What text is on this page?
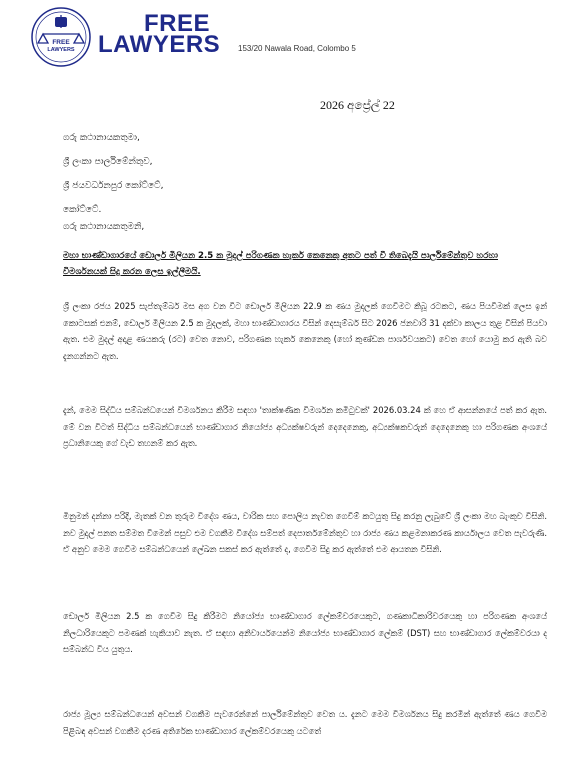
FREE
LAWYERS
FREE
LAWYERS 153/20 Nawala Road, Colombo 5
2026 අප්‍රේල් 22
ගරු කථානායකතුමා,
ශ්‍රී ලංකා පාර්ලිමේන්තුව,
ශ්‍රී ජයවර්ධනපුර කෝට්ටේ,
කෝට්ටේ.
ගරු කථානායකතුමනි,
මහා භාණ්ඩාගාරයේ ඩොලර් මිලියන 2.5 ක මුදල් පරිගණක හැකර් කෙනෙකු අතට පත් වී තිබෙදැයි පාර්ලිමේන්තුව හරහා විමර්ශනයක් සිදු කරන ලෙස ඉල්ලීමයි.
ශ්‍රී ලංකා රජය 2025 සැප්තැම්බර් මස අග වන විට ඩොලර් මිලියන 22.9 ක ණය මුදලක් ගෙවීමට කිබූ රටකට, ණය පියවීමක් ලෙස ඉන් කොටසක් එනම්, ඩොලර් මිලියන 2.5 ක මුදලක්, මහා භාණ්ඩාගාරය විසින් දෙසැම්බර් සිට 2026 ජනවාරි 31 දක්වා කාලය තුළ විසින් පියවා ඇත. එම මුදල් අදාළ ණයකරු (රට) වෙත නොව, පරිගණක හැකර් කෙනෙකු (හෝ කුණ්ඩන පාර්ශවයකට) වෙත හෝ යොමු කර ඇති බව දැනගන්නට ඇත.
දැන්, මෙම සිද්ධිය සම්බන්ධයෙන් විමර්ශනය කිරීම සඳහා 'තාක්ෂණික විමර්ශන කමිටුවක්' 2026.03.24 ක් හෙ ඒ ආසන්නයේ පත් කර ඇත. මේ වන විටත් සිද්ධිය සම්බන්ධයෙන් භාණ්ඩාගාර නියෝජ්‍ය අධ්‍යක්ෂවරුන් දෙදෙනෙකු, අධ්‍යක්ෂකවරුන් දෙදෙනෙකු හා පරිගණක අංශයේ ප්‍රධානියෙකු ගේ වැඩ තහනම් කර ඇත.
මිනුමන් දන්නා පරිදි, මැතක් වන තුරුම විදේශ ණය, වාරික සහ පොලිය නැවත ගෙවීම් කටයුතු සිදු කරනු ලැබුවේ ශ්‍රී ලංකා මහ බැංකුව විසිනි. නව මුදල් පනත සම්මත වීමෙන් පසුව එම වගකීම විදේශ සම්පත් දෙපාර්තමේන්තුව හා රාජ්‍ය ණය කළමනාකරණ කාර්යාලය වෙත පැවරුණි. ඒ අනුව මෙම ගෙවීම සම්බන්ධයෙන් ලේඛන සකස් කර ඇත්තේ ද, ගෙවීම සිදු කර ඇත්තේ එම ආයතන විසිනි.
ඩොලර් මිලියන 2.5 ක ගෙවීම සිදු කිරීමට නියෝජ්‍ය භාණ්ඩාගාර ලේකම්වරයෙකුට, ගණකාධිකාරිවරයෙකු හා පරිගණක අංශයේ නිලධාරියෙකුට පමණක් හැකියාව නැත. ඒ සඳහා අනිවාර්යයෙන්ම නියෝජ්‍ය භාණ්ඩාගාර ලේකම් (DST) සහ භාණ්ඩාගාර ලේකම්වරයා ද සම්බන්ධ විය යුතුය.
රාජ්‍ය මූල්‍ය සම්බන්ධයෙන් අවසන් වගකීම පැවරෙන්නේ පාර්ලිමේන්තුව වෙත ය. දැනට මෙම විමර්ශනය සිදු කරමින් ඇත්තේ ණය ගෙවීම පිළිබඳ අවසන් වගකීම දරණ අතිරේක භාණ්ඩාගාර ලේකම්වරයෙකු යටතේ
